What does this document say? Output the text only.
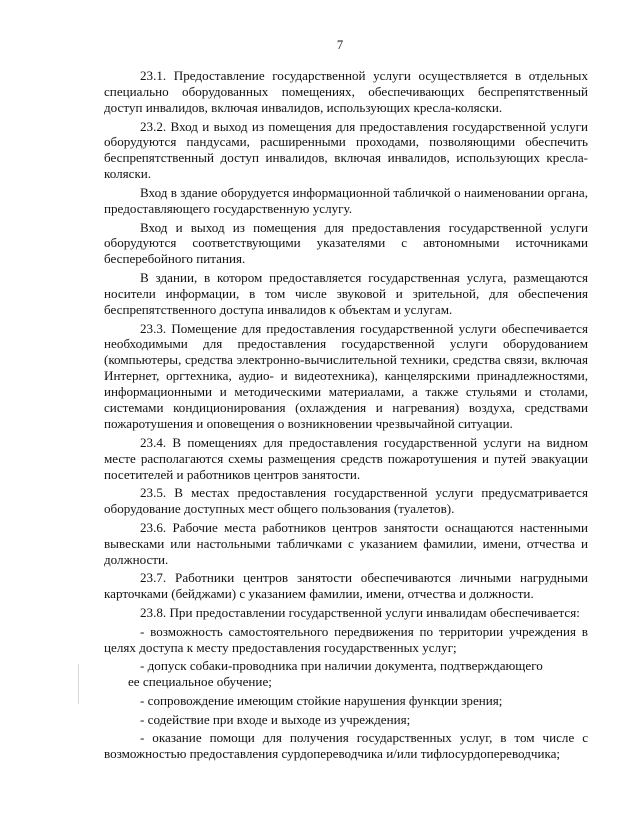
7

23.1. Предоставление государственной услуги осуществляется в отдельных специально оборудованных помещениях, обеспечивающих беспрепятственный доступ инвалидов, включая инвалидов, использующих кресла-коляски.

23.2. Вход и выход из помещения для предоставления государственной услуги оборудуются пандусами, расширенными проходами, позволяющими обеспечить беспрепятственный доступ инвалидов, включая инвалидов, использующих кресла-коляски.

Вход в здание оборудуется информационной табличкой о наименовании органа, предоставляющего государственную услугу.

Вход и выход из помещения для предоставления государственной услуги оборудуются соответствующими указателями с автономными источниками бесперебойного питания.

В здании, в котором предоставляется государственная услуга, размещаются носители информации, в том числе звуковой и зрительной, для обеспечения беспрепятственного доступа инвалидов к объектам и услугам.

23.3. Помещение для предоставления государственной услуги обеспечивается необходимыми для предоставления государственной услуги оборудованием (компьютеры, средства электронно-вычислительной техники, средства связи, включая Интернет, оргтехника, аудио- и видеотехника), канцелярскими принадлежностями, информационными и методическими материалами, а также стульями и столами, системами кондиционирования (охлаждения и нагревания) воздуха, средствами пожаротушения и оповещения о возникновении чрезвычайной ситуации.

23.4. В помещениях для предоставления государственной услуги на видном месте располагаются схемы размещения средств пожаротушения и путей эвакуации посетителей и работников центров занятости.

23.5. В местах предоставления государственной услуги предусматривается оборудование доступных мест общего пользования (туалетов).

23.6. Рабочие места работников центров занятости оснащаются настенными вывесками или настольными табличками с указанием фамилии, имени, отчества и должности.

23.7. Работники центров занятости обеспечиваются личными нагрудными карточками (бейджами) с указанием фамилии, имени, отчества и должности.

23.8. При предоставлении государственной услуги инвалидам обеспечивается:

- возможность самостоятельного передвижения по территории учреждения в целях доступа к месту предоставления государственных услуг;

- допуск собаки-проводника при наличии документа, подтверждающего

ее специальное обучение;

- сопровождение имеющим стойкие нарушения функции зрения;

- содействие при входе и выходе из учреждения;

- оказание помощи для получения государственных услуг, в том числе с возможностью предоставления сурдопереводчика и/или тифлосурдопереводчика;
